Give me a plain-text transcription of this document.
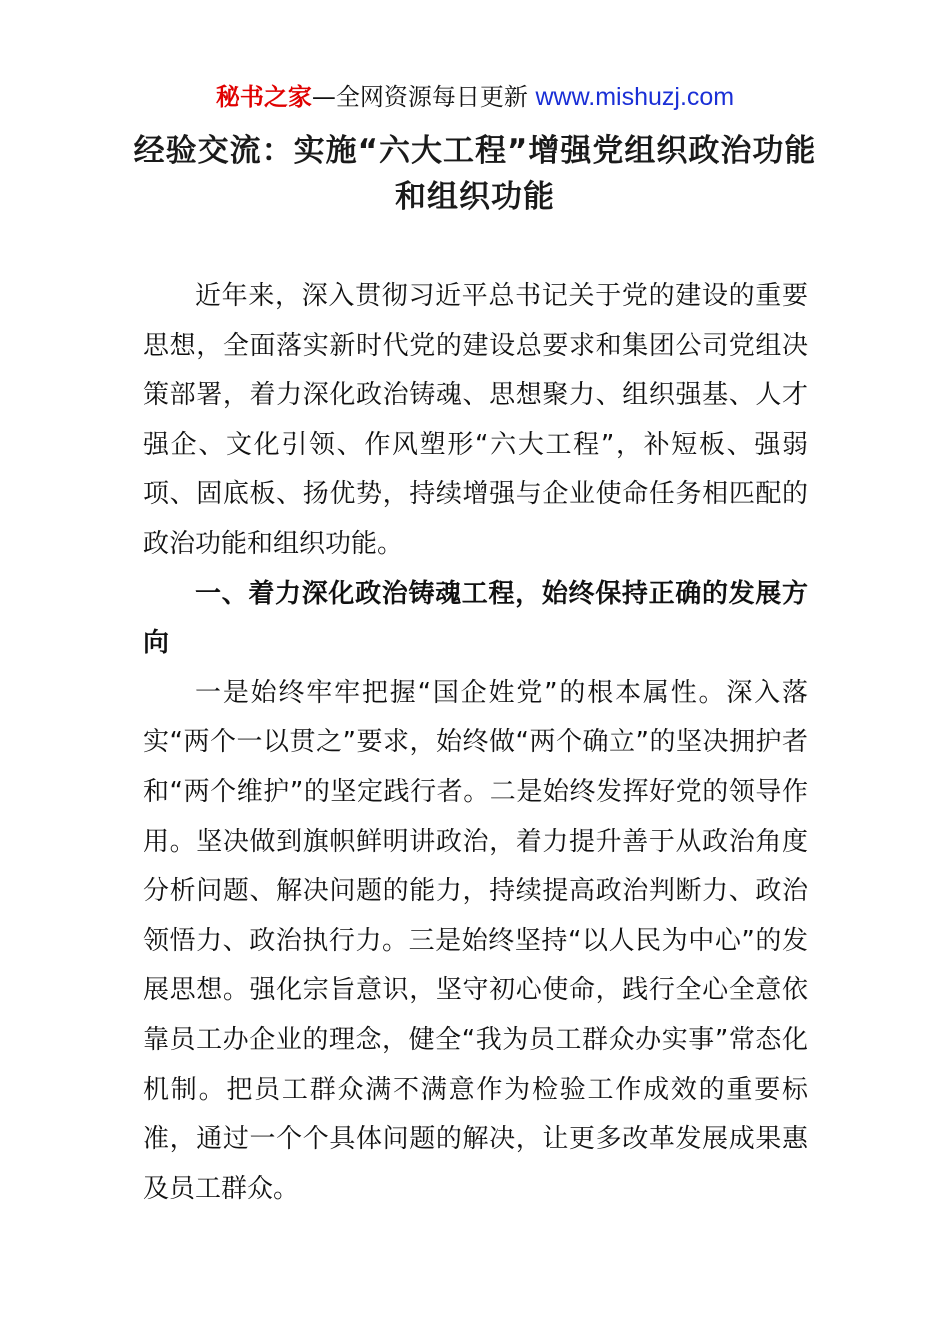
秘书之家—全网资源每日更新 www.mishuzj.com
经验交流：实施“六大工程”增强党组织政治功能和组织功能

近年来，深入贯彻习近平总书记关于党的建设的重要思想，全面落实新时代党的建设总要求和集团公司党组决策部署，着力深化政治铸魂、思想聚力、组织强基、人才强企、文化引领、作风塑形“六大工程”，补短板、强弱项、固底板、扬优势，持续增强与企业使命任务相匹配的政治功能和组织功能。

一、着力深化政治铸魂工程，始终保持正确的发展方向

一是始终牢牢把握“国企姓党”的根本属性。深入落实“两个一以贯之”要求，始终做“两个确立”的坚决拥护者和“两个维护”的坚定践行者。二是始终发挥好党的领导作用。坚决做到旗帜鲜明讲政治，着力提升善于从政治角度分析问题、解决问题的能力，持续提高政治判断力、政治领悟力、政治执行力。三是始终坚持“以人民为中心”的发展思想。强化宗旨意识，坚守初心使命，践行全心全意依靠员工办企业的理念，健全“我为员工群众办实事”常态化机制。把员工群众满不满意作为检验工作成效的重要标准，通过一个个具体问题的解决，让更多改革发展成果惠及员工群众。
